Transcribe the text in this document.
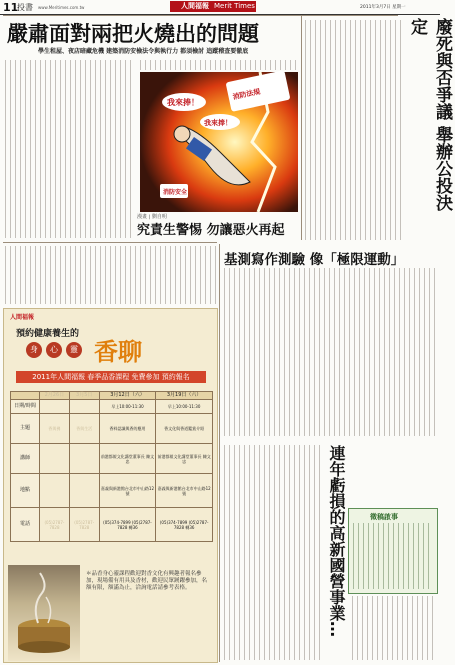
11
投書 www.Meritimes.com.tw	人間福報 Merit Times	2011年3月7日 星期一
嚴肅面對兩把火燒出的問題
學生租屋、夜店暗藏危機 建築消防安檢法令與執行力 都須檢討 追蹤稽查要徹底
消防法規
我來捧！
我來捧！
消防安全
漫畫 | 劉自明
究責生警惕 勿讓惡火再起
廢死與否爭議 舉辦公投決定
基測寫作測驗 像「極限運動」
連年虧損的高新國營事業…	徵稿啟事
人間福報
預約健康養生的
身	心	靈 香聊
2011年人間福報 春季品香課程 免費參加 預約報名
	2月26日	3月5日	3月12日（六）	3月19日（六）
日期/時間			早上10:00-11:30	早上10:00-11:30
主題	香與佛	香與生活	香料認識與香的應用	香文化與香道鑑賞介紹
講師			前港都報文化講堂董事長 陳文忠	前港都報文化講堂董事長 陳文忠
地點			嘉義與新港館台北市中山路12號	嘉義與新港館台北市中山路12號
電話	(05)2787-7828	(05)2787-7828	(05)374-7899 (05)2787-7828 轉36	(05)374-7899 (05)2787-7828 轉36
＊品香身心靈課程歡迎對香文化有興趣者報名參加，現場備有用具及香材，歡迎民眾踴躍參加，名額有限，額滿為止，洽詢電話請參考表格。
